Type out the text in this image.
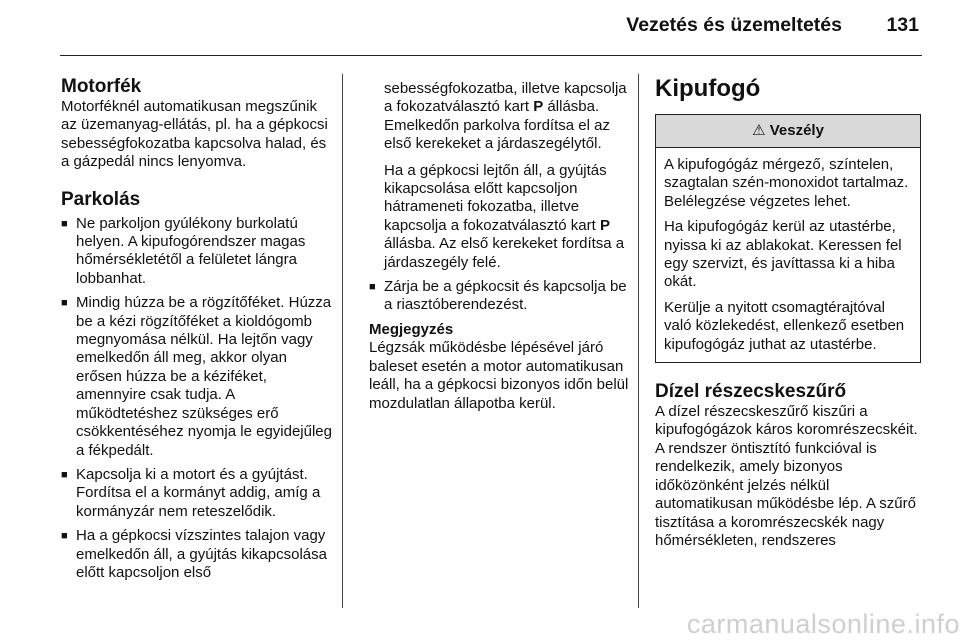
Vezetés és üzemeltetés 131
Motorfék

Motorféknél automatikusan megszűnik az üzemanyag-ellátás, pl. ha a gépkocsi sebességfokozatba kapcsolva halad, és a gázpedál nincs lenyomva.

Parkolás
■ Ne parkoljon gyúlékony burkolatú helyen. A kipufogórendszer magas hőmérsékletétől a felületet lángra lobbanhat.
■ Mindig húzza be a rögzítőféket. Húzza be a kézi rögzítőféket a kioldógomb megnyomása nélkül. Ha lejtőn vagy emelkedőn áll meg, akkor olyan erősen húzza be a kéziféket, amennyire csak tudja. A működtetéshez szükséges erő csökkentéséhez nyomja le egyidejűleg a fékpedált.
■ Kapcsolja ki a motort és a gyújtást. Fordítsa el a kormányt addig, amíg a kormányzár nem reteszelődik.
■ Ha a gépkocsi vízszintes talajon vagy emelkedőn áll, a gyújtás kikapcsolása előtt kapcsoljon első

sebességfokozatba, illetve kapcsolja a fokozatválasztó kart P állásba. Emelkedőn parkolva fordítsa el az első kerekeket a járdaszegélytől.

Ha a gépkocsi lejtőn áll, a gyújtás kikapcsolása előtt kapcsoljon hátrameneti fokozatba, illetve kapcsolja a fokozatválasztó kart P állásba. Az első kerekeket fordítsa a járdaszegély felé.

■ Zárja be a gépkocsit és kapcsolja be a riasztóberendezést.

Megjegyzés

Légzsák működésbe lépésével járó baleset esetén a motor automatikusan leáll, ha a gépkocsi bizonyos időn belül mozdulatlan állapotba kerül.

Kipufogó
⚠ Veszély

A kipufogógáz mérgező, színtelen, szagtalan szén-monoxidot tartalmaz. Belélegzése végzetes lehet.

Ha kipufogógáz kerül az utastérbe, nyissa ki az ablakokat. Keressen fel egy szervizt, és javíttassa ki a hiba okát.

Kerülje a nyitott csomagtérajtóval való közlekedést, ellenkező esetben kipufogógáz juthat az utastérbe.

Dízel részecskeszűrő

A dízel részecskeszűrő kiszűri a kipufogógázok káros koromrészecskéit. A rendszer öntisztító funkcióval is rendelkezik, amely bizonyos időközönként jelzés nélkül automatikusan működésbe lép. A szűrő tisztítása a koromrészecskék nagy hőmérsékleten, rendszeres

carmanualsonline.info
